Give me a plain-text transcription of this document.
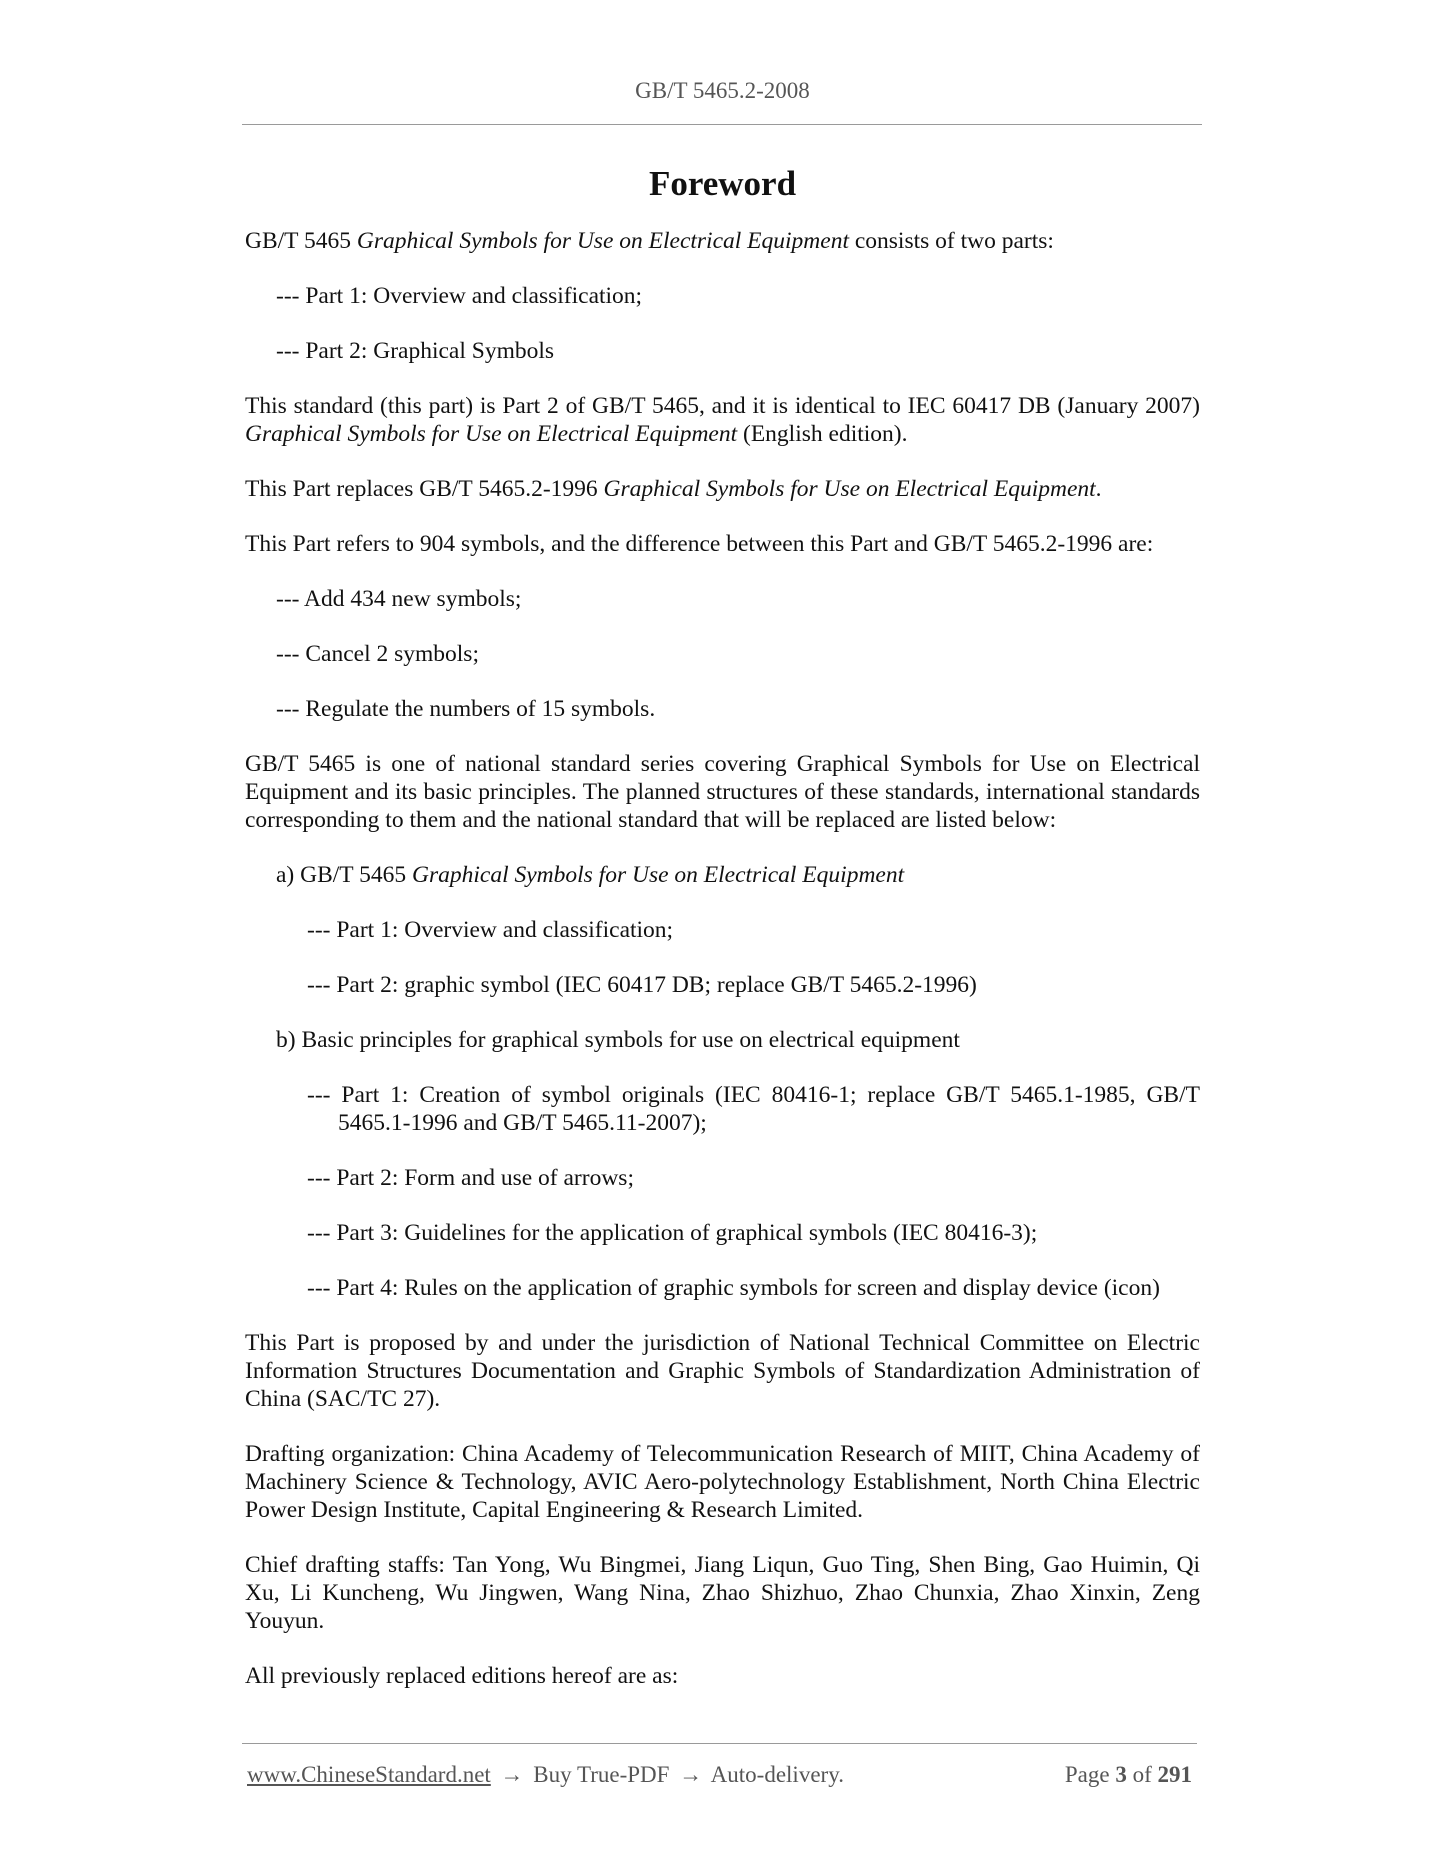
GB/T 5465.2-2008
Foreword

GB/T 5465 Graphical Symbols for Use on Electrical Equipment consists of two parts:

--- Part 1: Overview and classification;

--- Part 2: Graphical Symbols

This standard (this part) is Part 2 of GB/T 5465, and it is identical to IEC 60417 DB (January 2007) Graphical Symbols for Use on Electrical Equipment (English edition).

This Part replaces GB/T 5465.2-1996 Graphical Symbols for Use on Electrical Equipment.

This Part refers to 904 symbols, and the difference between this Part and GB/T 5465.2-1996 are:

--- Add 434 new symbols;

--- Cancel 2 symbols;

--- Regulate the numbers of 15 symbols.

GB/T 5465 is one of national standard series covering Graphical Symbols for Use on Electrical Equipment and its basic principles. The planned structures of these standards, international standards corresponding to them and the national standard that will be replaced are listed below:

a) GB/T 5465 Graphical Symbols for Use on Electrical Equipment

--- Part 1: Overview and classification;

--- Part 2: graphic symbol (IEC 60417 DB; replace GB/T 5465.2-1996)

b) Basic principles for graphical symbols for use on electrical equipment

--- Part 1: Creation of symbol originals (IEC 80416-1; replace GB/T 5465.1-1985, GB/T 5465.1-1996 and GB/T 5465.11-2007);

--- Part 2: Form and use of arrows;

--- Part 3: Guidelines for the application of graphical symbols (IEC 80416-3);

--- Part 4: Rules on the application of graphic symbols for screen and display device (icon)

This Part is proposed by and under the jurisdiction of National Technical Committee on Electric Information Structures Documentation and Graphic Symbols of Standardization Administration of China (SAC/TC 27).

Drafting organization: China Academy of Telecommunication Research of MIIT, China Academy of Machinery Science & Technology, AVIC Aero-polytechnology Establishment, North China Electric Power Design Institute, Capital Engineering & Research Limited.

Chief drafting staffs: Tan Yong, Wu Bingmei, Jiang Liqun, Guo Ting, Shen Bing, Gao Huimin, Qi Xu, Li Kuncheng, Wu Jingwen, Wang Nina, Zhao Shizhuo, Zhao Chunxia, Zhao Xinxin, Zeng Youyun.

All previously replaced editions hereof are as:

www.ChineseStandard.net → Buy True-PDF → Auto-delivery.	Page 3 of 291
